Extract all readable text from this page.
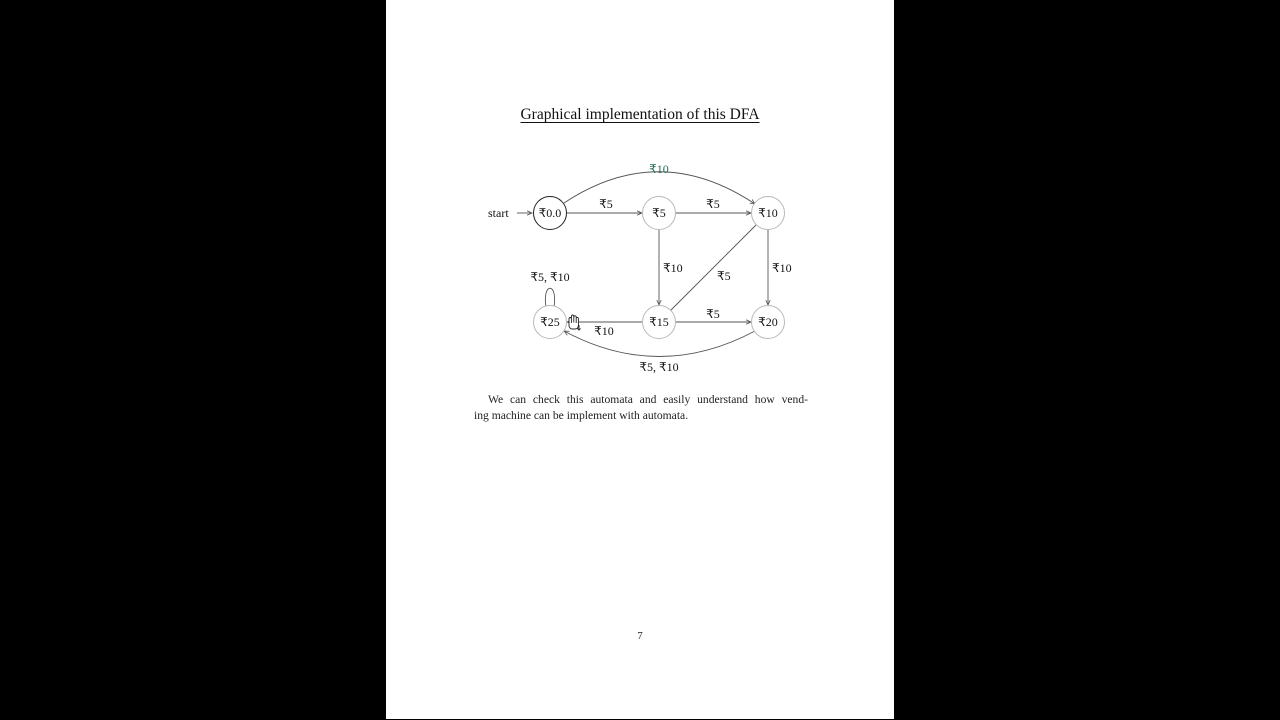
Graphical implementation of this DFA
start	₹0.0	₹5	₹10
₹15	₹20
₹25
₹10
₹5	₹5
₹10
₹5
₹10
₹5
₹10
₹5, ₹10
₹5, ₹10
We can check this automata and easily understand how vend-
ing machine can be implement with automata.
7
